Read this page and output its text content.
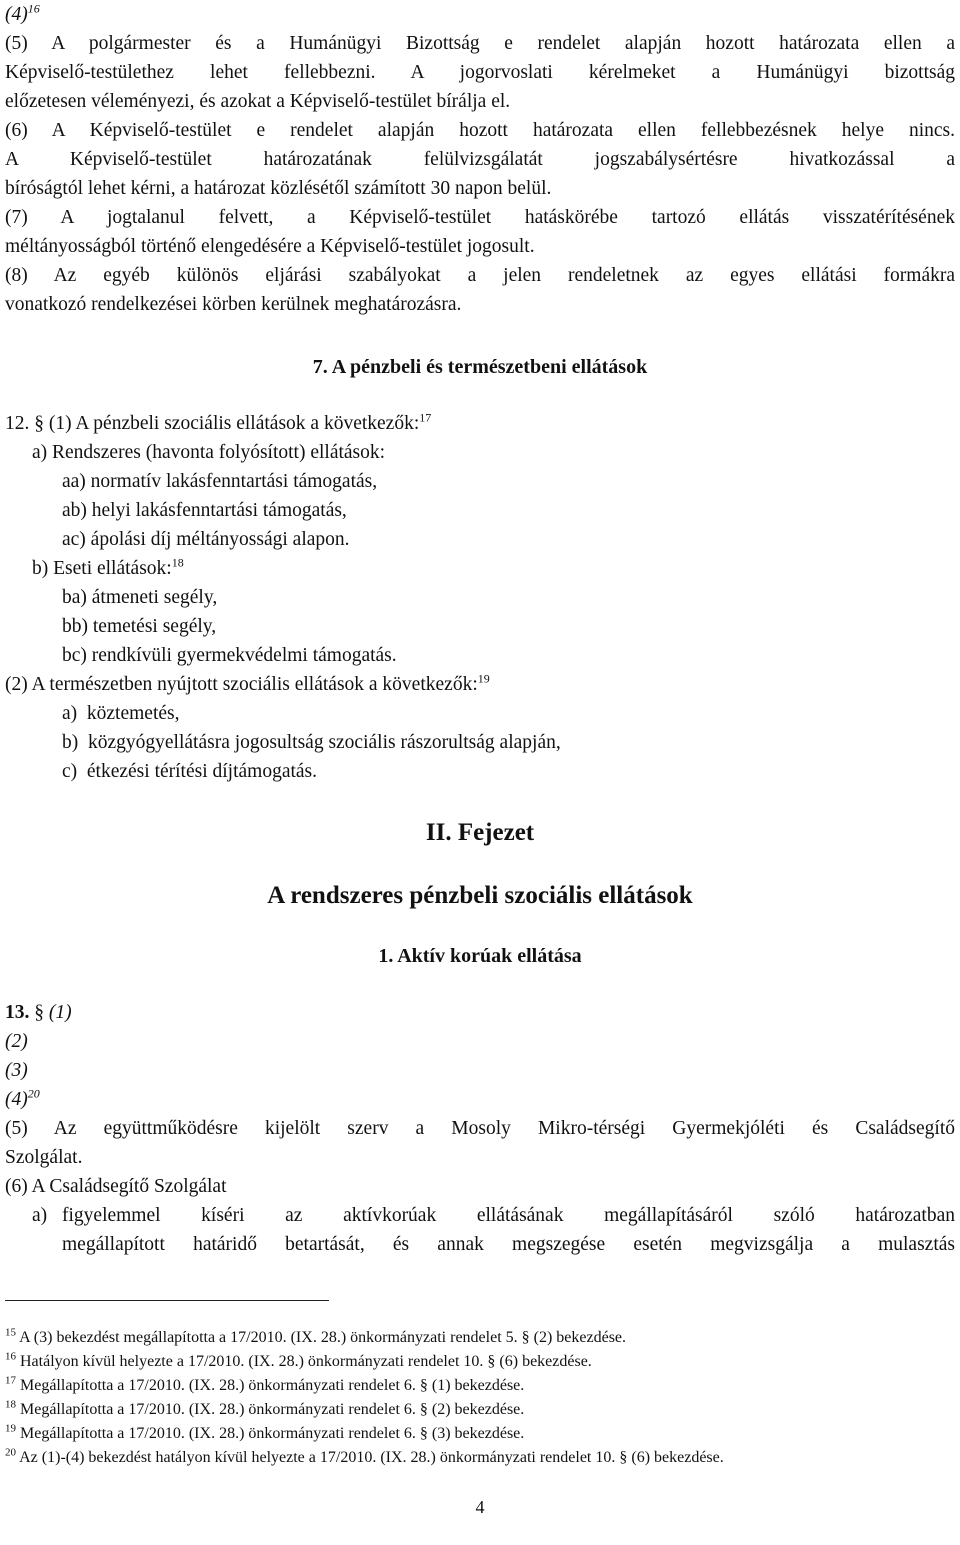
$(4)^{16}$

(5) A polgármester és a Humánügyi Bizottság e rendelet alapján hozott határozata ellen a

Képviselő-testülethez lehet fellebbezni. A jogorvoslati kérelmeket a Humánügyi bizottság

előzetesen véleményezi, és azokat a Képviselő-testület bírálja el.

(6) A Képviselő-testület e rendelet alapján hozott határozata ellen fellebbezésnek helye nincs.

A Képviselő-testület határozatának felülvizsgálatát jogszabálysértésre hivatkozással a

bíróságtól lehet kérni, a határozat közlésétől számított 30 napon belül.

(7) A jogtalanul felvett, a Képviselő-testület hatáskörébe tartozó ellátás visszatérítésének

méltányosságból történő elengedésére a Képviselő-testület jogosult.

(8) Az egyéb különös eljárási szabályokat a jelen rendeletnek az egyes ellátási formákra

vonatkozó rendelkezései körben kerülnek meghatározásra.

7. A pénzbeli és természetbeni ellátások

12. § (1) A pénzbeli szociális ellátások a következők:$^{17}$

a) Rendszeres (havonta folyósított) ellátások:

aa) normatív lakásfenntartási támogatás,

ab) helyi lakásfenntartási támogatás,

ac) ápolási díj méltányossági alapon.

b) Eseti ellátások:$^{18}$

ba) átmeneti segély,

bb) temetési segély,

bc) rendkívüli gyermekvédelmi támogatás.

(2) A természetben nyújtott szociális ellátások a következők:$^{19}$

a)  köztemetés,

b)  közgyógyellátásra jogosultság szociális rászorultság alapján,

c)  étkezési térítési díjtámogatás.

II. Fejezet

A rendszeres pénzbeli szociális ellátások

1. Aktív korúak ellátása

13. § (1)

(2)

(3)

$(4)^{20}$

(5) Az együttműködésre kijelölt szerv a Mosoly Mikro-térségi Gyermekjóléti és Családsegítő

Szolgálat.

(6) A Családsegítő Szolgálat

a) figyelemmel kíséri az aktívkorúak ellátásának megállapításáról szóló határozatban

megállapított határidő betartását, és annak megszegése esetén megvizsgálja a mulasztás

$^{15}$ A (3) bekezdést megállapította a 17/2010. (IX. 28.) önkormányzati rendelet 5. § (2) bekezdése.

$^{16}$ Hatályon kívül helyezte a 17/2010. (IX. 28.) önkormányzati rendelet 10. § (6) bekezdése.

$^{17}$ Megállapította a 17/2010. (IX. 28.) önkormányzati rendelet 6. § (1) bekezdése.

$^{18}$ Megállapította a 17/2010. (IX. 28.) önkormányzati rendelet 6. § (2) bekezdése.

$^{19}$ Megállapította a 17/2010. (IX. 28.) önkormányzati rendelet 6. § (3) bekezdése.

$^{20}$ Az (1)-(4) bekezdést hatályon kívül helyezte a 17/2010. (IX. 28.) önkormányzati rendelet 10. § (6) bekezdése.

4
